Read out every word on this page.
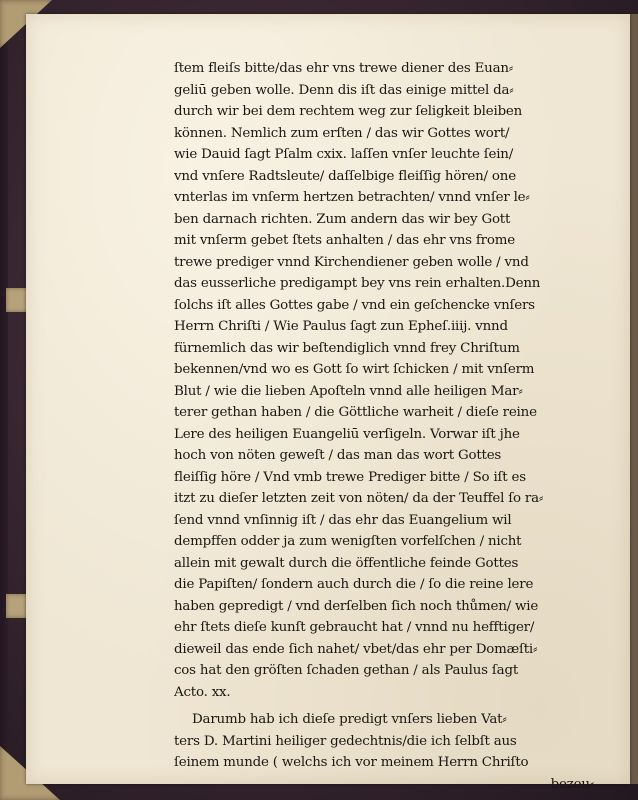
ſtem fleiſs bitte/das ehr vns trewe diener des Euan⸗
geliū geben wolle. Denn dis iſt das einige mittel da⸗
durch wir bei dem rechtem weg zur ſeligkeit bleiben
können. Nemlich zum erſten / das wir Gottes wort/
wie Dauid ſagt Pſalm cxix. laſſen vnſer leuchte ſein/
vnd vnſere Radtsleute/ daſſelbige fleiſſig hören/ one
vnterlas im vnſerm hertzen betrachten/ vnnd vnſer le⸗
ben darnach richten. Zum andern das wir bey Gott
mit vnſerm gebet ſtets anhalten / das ehr vns frome
trewe prediger vnnd Kirchendiener geben wolle / vnd
das eusserliche predigampt bey vns rein erhalten.Denn
ſolchs iſt alles Gottes gabe / vnd ein geſchencke vnſers
Herrn Chriſti / Wie Paulus ſagt zun Epheſ.iiij. vnnd
fürnemlich das wir beſtendiglich vnnd frey Chriſtum
bekennen/vnd wo es Gott ſo wirt ſchicken / mit vnſerm
Blut / wie die lieben Apoſteln vnnd alle heiligen Mar⸗
terer gethan haben / die Göttliche warheit / dieſe reine
Lere des heiligen Euangeliū verſigeln. Vorwar iſt jhe
hoch von nöten geweſt / das man das wort Gottes
fleiſſig höre / Vnd vmb trewe Prediger bitte / So iſt es
itzt zu dieſer letzten zeit von nöten/ da der Teuffel ſo ra⸗
ſend vnnd vnſinnig iſt / das ehr das Euangelium wil
dempffen odder ja zum wenigſten vorfelſchen / nicht
allein mit gewalt durch die öffentliche feinde Gottes
die Papiſten/ ſondern auch durch die / ſo die reine lere
haben gepredigt / vnd derſelben ſich noch thůmen/ wie
ehr ſtets dieſe kunſt gebraucht hat / vnnd nu hefftiger/
dieweil das ende ſich nahet/ vbet/das ehr per Domæſti⸗
cos hat den gröſten ſchaden gethan / als Paulus ſagt
Acto. xx.
Darumb hab ich dieſe predigt vnſers lieben Vat⸗
ters D. Martini heiliger gedechtnis/die ich ſelbſt aus
ſeinem munde ( welchs ich vor meinem Herrn Chriſto
bezeu⸗
